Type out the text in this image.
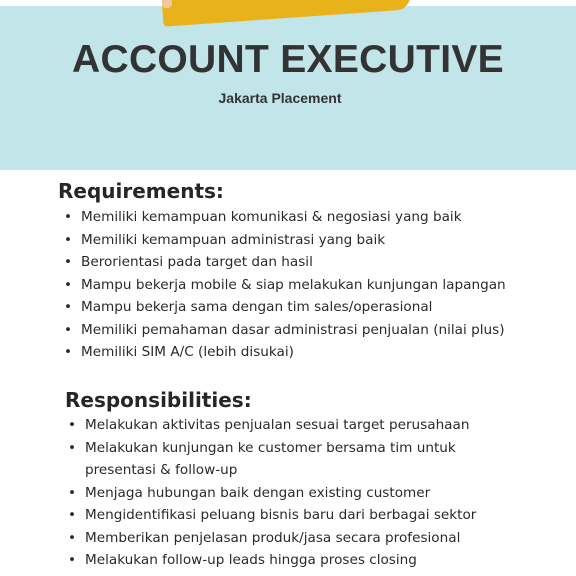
ACCOUNT EXECUTIVE

Jakarta Placement

Requirements:
• Memiliki kemampuan komunikasi & negosiasi yang baik
• Memiliki kemampuan administrasi yang baik
• Berorientasi pada target dan hasil
• Mampu bekerja mobile & siap melakukan kunjungan lapangan
• Mampu bekerja sama dengan tim sales/operasional
• Memiliki pemahaman dasar administrasi penjualan (nilai plus)
• Memiliki SIM A/C (lebih disukai)
Responsibilities:
• Melakukan aktivitas penjualan sesuai target perusahaan
• Melakukan kunjungan ke customer bersama tim untuk
presentasi & follow-up
• Menjaga hubungan baik dengan existing customer
• Mengidentifikasi peluang bisnis baru dari berbagai sektor
• Memberikan penjelasan produk/jasa secara profesional
• Melakukan follow-up leads hingga proses closing
